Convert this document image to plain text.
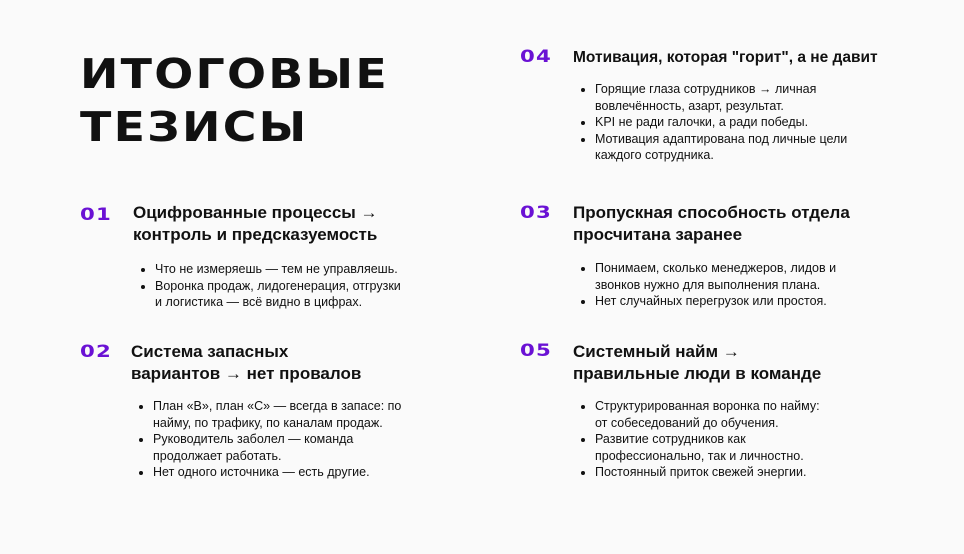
ИТОГОВЫЕ
ТЕЗИСЫ
04 Мотивация, которая "горит", а не давит
• Горящие глаза сотрудников → личная
вовлечённость, азарт, результат.
• KPI не ради галочки, а ради победы.
• Мотивация адаптирована под личные цели
каждого сотрудника.
01 Оцифрованные процессы →
контроль и предсказуемость
• Что не измеряешь — тем не управляешь.
• Воронка продаж, лидогенерация, отгрузки
и логистика — всё видно в цифрах.
02 Система запасных
вариантов → нет провалов
• План «В», план «С» — всегда в запасе: по
найму, по трафику, по каналам продаж.
• Руководитель заболел — команда
продолжает работать.
• Нет одного источника — есть другие.
03 Пропускная способность отдела
просчитана заранее
• Понимаем, сколько менеджеров, лидов и
звонков нужно для выполнения плана.
• Нет случайных перегрузок или простоя.
05 Системный найм →
правильные люди в команде
• Структурированная воронка по найму:
от собеседований до обучения.
• Развитие сотрудников как
профессионально, так и личностно.
• Постоянный приток свежей энергии.
